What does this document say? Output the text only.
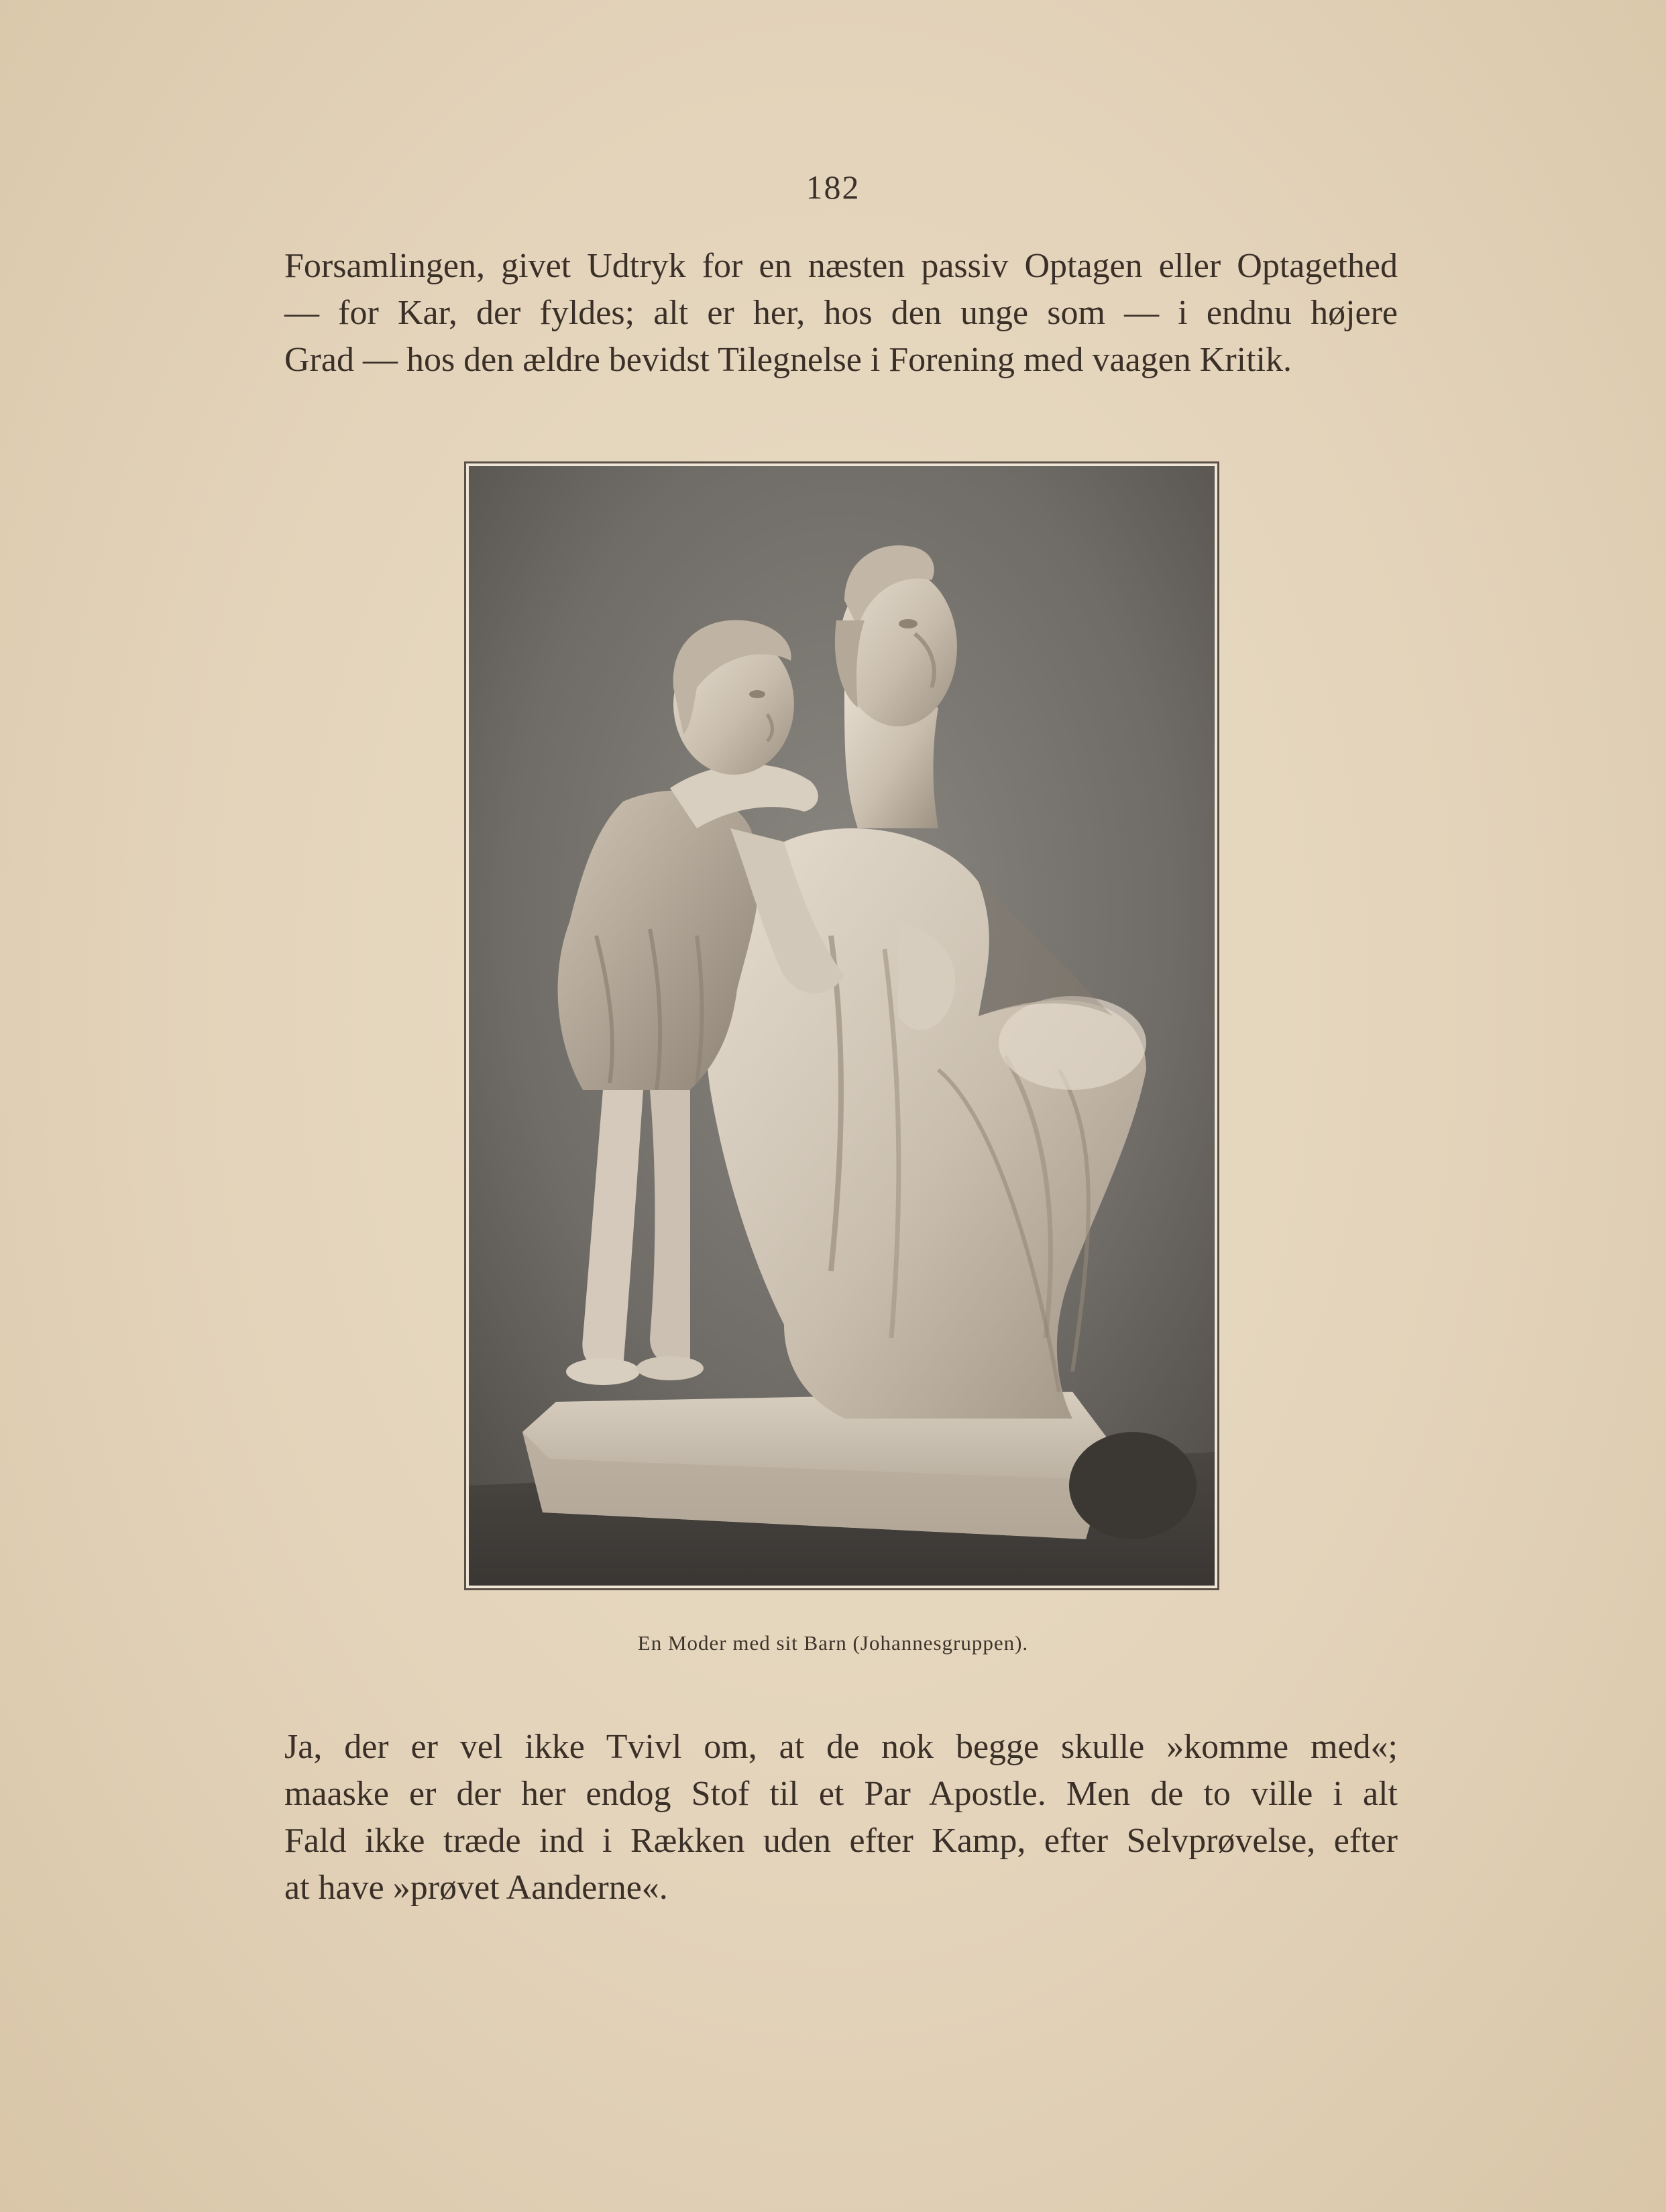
182

Forsamlingen, givet Udtryk for en næsten passiv Optagen eller Optagethed
— for Kar, der fyldes; alt er her, hos den unge som — i endnu højere
Grad — hos den ældre bevidst Tilegnelse i Forening med vaagen Kritik.

En Moder med sit Barn (Johannesgruppen).

Ja, der er vel ikke Tvivl om, at de nok begge skulle »komme med«;
maaske er der her endog Stof til et Par Apostle. Men de to ville i alt
Fald ikke træde ind i Rækken uden efter Kamp, efter Selvprøvelse, efter
at have »prøvet Aanderne«.
